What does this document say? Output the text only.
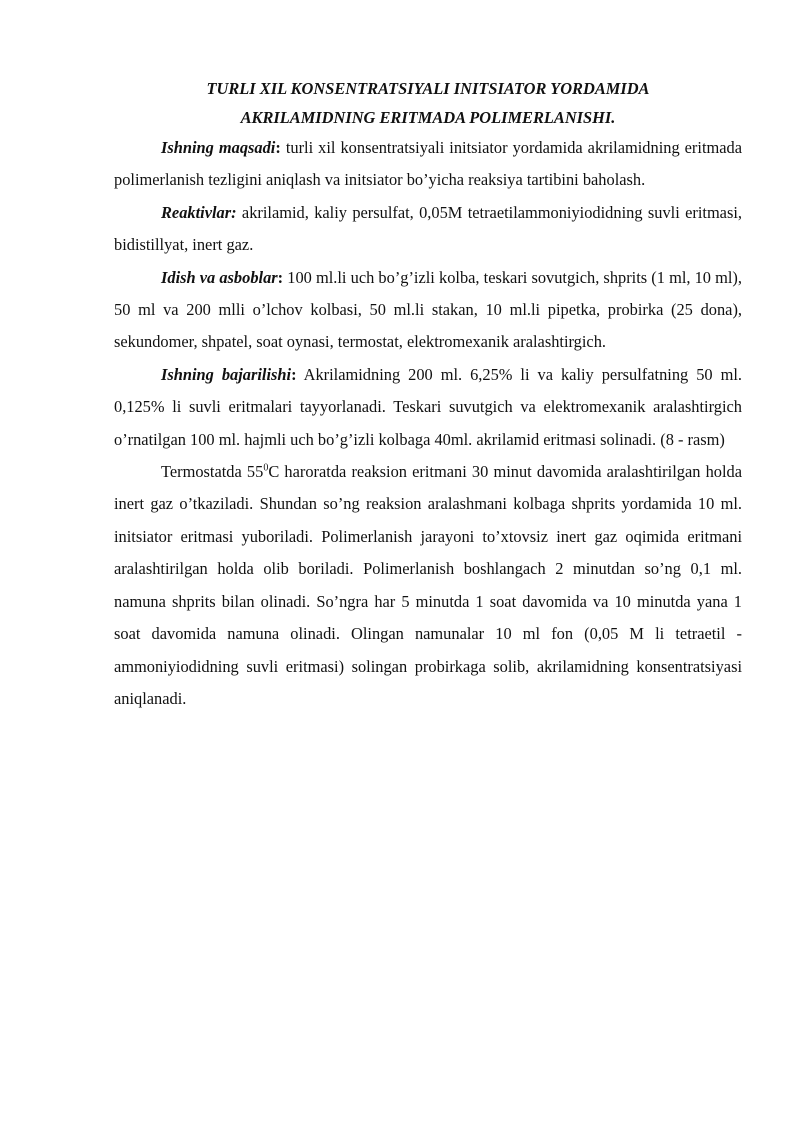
TURLI XIL KONSENTRATSIYALI INITSIATOR YORDAMIDA
AKRILAMIDNING ERITMADA POLIMERLANISHI.

Ishning maqsadi: turli xil konsentratsiyali initsiator yordamida akrilamidning eritmada polimerlanish tezligini aniqlash va initsiator bo’yicha reaksiya tartibini baholash.

Reaktivlar: akrilamid, kaliy persulfat, 0,05M tetraetilammoniyiodidning suvli eritmasi, bidistillyat, inert gaz.

Idish va asboblar: 100 ml.li uch bo’g’izli kolba, teskari sovutgich, shprits (1 ml, 10 ml), 50 ml va 200 mlli o’lchov kolbasi, 50 ml.li stakan, 10 ml.li pipetka, probirka (25 dona), sekundomer, shpatel, soat oynasi, termostat, elektromexanik aralashtirgich.

Ishning bajarilishi: Akrilamidning 200 ml. 6,25% li va kaliy persulfatning 50 ml. 0,125% li suvli eritmalari tayyorlanadi. Teskari suvutgich va elektromexanik aralashtirgich o’rnatilgan 100 ml. hajmli uch bo’g’izli kolbaga 40ml. akrilamid eritmasi solinadi. (8 - rasm)

Termostatda $55^0C$ haroratda reaksion eritmani 30 minut davomida aralashtirilgan holda inert gaz o’tkaziladi. Shundan so’ng reaksion aralashmani kolbaga shprits yordamida 10 ml. initsiator eritmasi yuboriladi. Polimerlanish jarayoni to’xtovsiz inert gaz oqimida eritmani aralashtirilgan holda olib boriladi. Polimerlanish boshlangach 2 minutdan so’ng 0,1 ml. namuna shprits bilan olinadi. So’ngra har 5 minutda 1 soat davomida va 10 minutda yana 1 soat davomida namuna olinadi. Olingan namunalar 10 ml fon (0,05 M li tetraetil - ammoniyiodidning suvli eritmasi) solingan probirkaga solib, akrilamidning konsentratsiyasi aniqlanadi.
